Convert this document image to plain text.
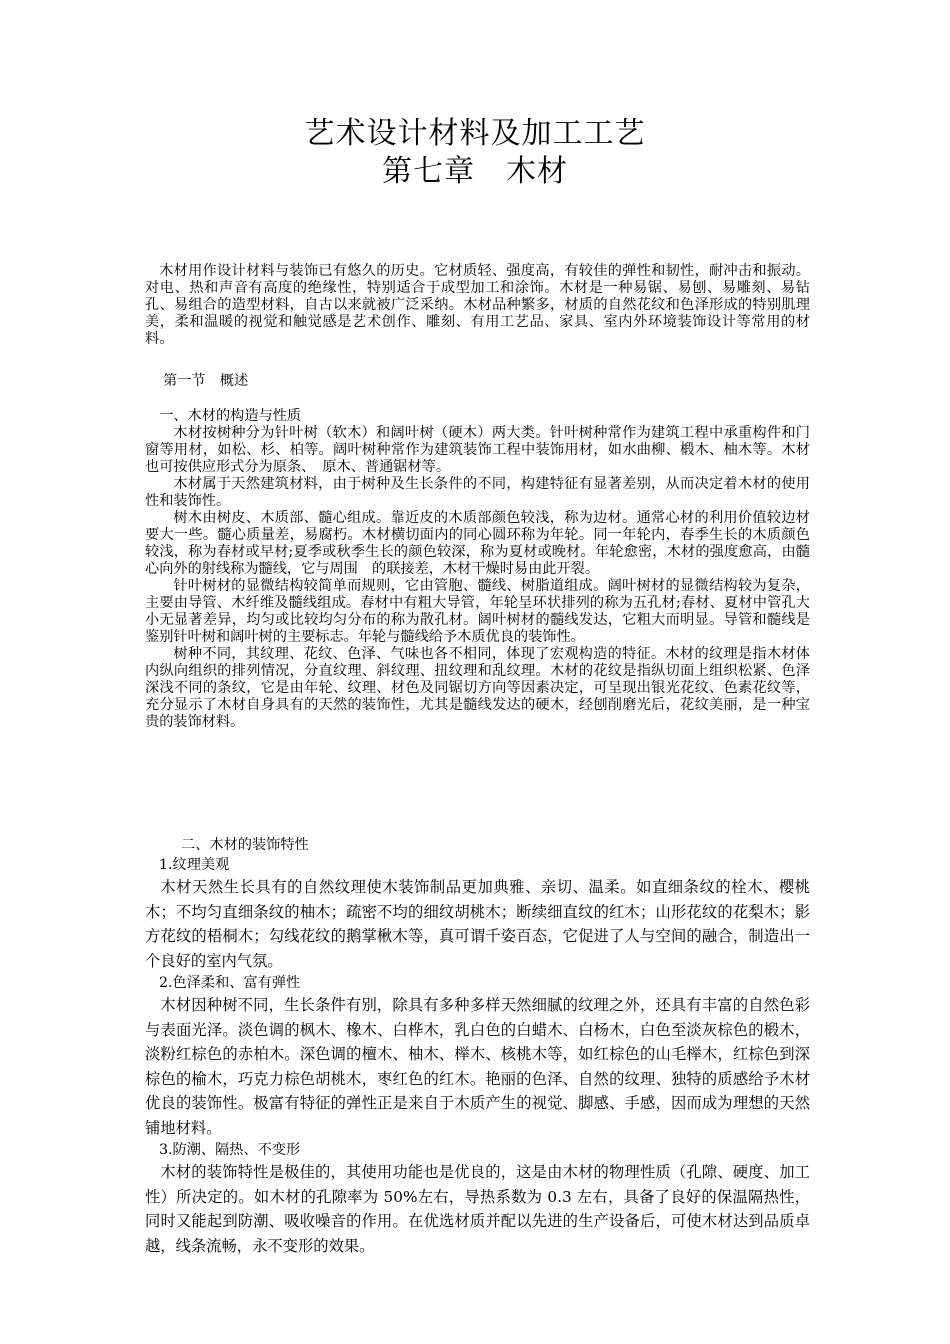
艺术设计材料及加工工艺
第七章　木材

木材用作设计材料与装饰已有悠久的历史。它材质轻、强度高，有较佳的弹性和韧性，耐冲击和振动。对电、热和声音有高度的绝缘性，特别适合于成型加工和涂饰。木材是一种易锯、易刨、易雕刻、易钻孔、易组合的造型材料，自古以来就被广泛采纳。木材品种繁多，材质的自然花纹和色泽形成的特别肌理美，柔和温暖的视觉和触觉感是艺术创作、雕刻、有用工艺品、家具、室内外环境装饰设计等常用的材料。

第一节　概述

一、木材的构造与性质

木材按树种分为针叶树（软木）和阔叶树（硬木）两大类。针叶树种常作为建筑工程中承重构件和门窗等用材，如松、杉、柏等。阔叶树种常作为建筑装饰工程中装饰用材，如水曲柳、椴木、柚木等。木材也可按供应形式分为原条、　原木、普通锯材等。

木材属于天然建筑材料，由于树种及生长条件的不同，构建特征有显著差别，从而决定着木材的使用性和装饰性。

树木由树皮、木质部、髓心组成。靠近皮的木质部颜色较浅，称为边材。通常心材的利用价值较边材要大一些。髓心质量差，易腐朽。木材横切面内的同心圆环称为年轮。同一年轮内，春季生长的木质颜色较浅，称为春材或早材;夏季或秋季生长的颜色较深，称为夏材或晚材。年轮愈密，木材的强度愈高，由髓心向外的射线称为髓线，它与周围　的联接差，木材干燥时易由此开裂。

针叶树材的显微结构较简单而规则，它由管胞、髓线、树脂道组成。阔叶树材的显微结构较为复杂，主要由导管、木纤维及髓线组成。春材中有粗大导管，年轮呈环状排列的称为五孔材;春材、夏材中管孔大小无显著差异，均匀或比较均匀分布的称为散孔材。阔叶树材的髓线发达，它粗大而明显。导管和髓线是鉴别针叶树和阔叶树的主要标志。年轮与髓线给予木质优良的装饰性。

树种不同，其纹理、花纹、色泽、气味也各不相同，体现了宏观构造的特征。木材的纹理是指木材体内纵向组织的排列情况，分直纹理、斜纹理、扭纹理和乱纹理。木材的花纹是指纵切面上组织松紧、色泽深浅不同的条纹，它是由年轮、纹理、材色及同锯切方向等因素决定，可呈现出银光花纹、色素花纹等，充分显示了木材自身具有的天然的装饰性，尤其是髓线发达的硬木，经刨削磨光后，花纹美丽，是一种宝贵的装饰材料。

二、木材的装饰特性

1.纹理美观

木材天然生长具有的自然纹理使木装饰制品更加典雅、亲切、温柔。如直细条纹的栓木、樱桃木；不均匀直细条纹的柚木；疏密不均的细纹胡桃木；断续细直纹的红木；山形花纹的花梨木；影方花纹的梧桐木；勾线花纹的鹅掌楸木等，真可谓千姿百态，它促进了人与空间的融合，制造出一个良好的室内气氛。

2.色泽柔和、富有弹性

木材因种树不同，生长条件有别，除具有多种多样天然细腻的纹理之外，还具有丰富的自然色彩与表面光泽。淡色调的枫木、橡木、白桦木，乳白色的白蜡木、白杨木，白色至淡灰棕色的椴木，淡粉红棕色的赤柏木。深色调的檀木、柚木、榉木、核桃木等，如红棕色的山毛榉木，红棕色到深棕色的榆木，巧克力棕色胡桃木，枣红色的红木。艳丽的色泽、自然的纹理、独特的质感给予木材优良的装饰性。极富有特征的弹性正是来自于木质产生的视觉、脚感、手感，因而成为理想的天然铺地材料。

3.防潮、隔热、不变形

木材的装饰特性是极佳的，其使用功能也是优良的，这是由木材的物理性质（孔隙、硬度、加工性）所决定的。如木材的孔隙率为 50%左右，导热系数为 0.3 左右，具备了良好的保温隔热性，同时又能起到防潮、吸收噪音的作用。在优选材质并配以先进的生产设备后，可使木材达到品质卓越，线条流畅，永不变形的效果。
